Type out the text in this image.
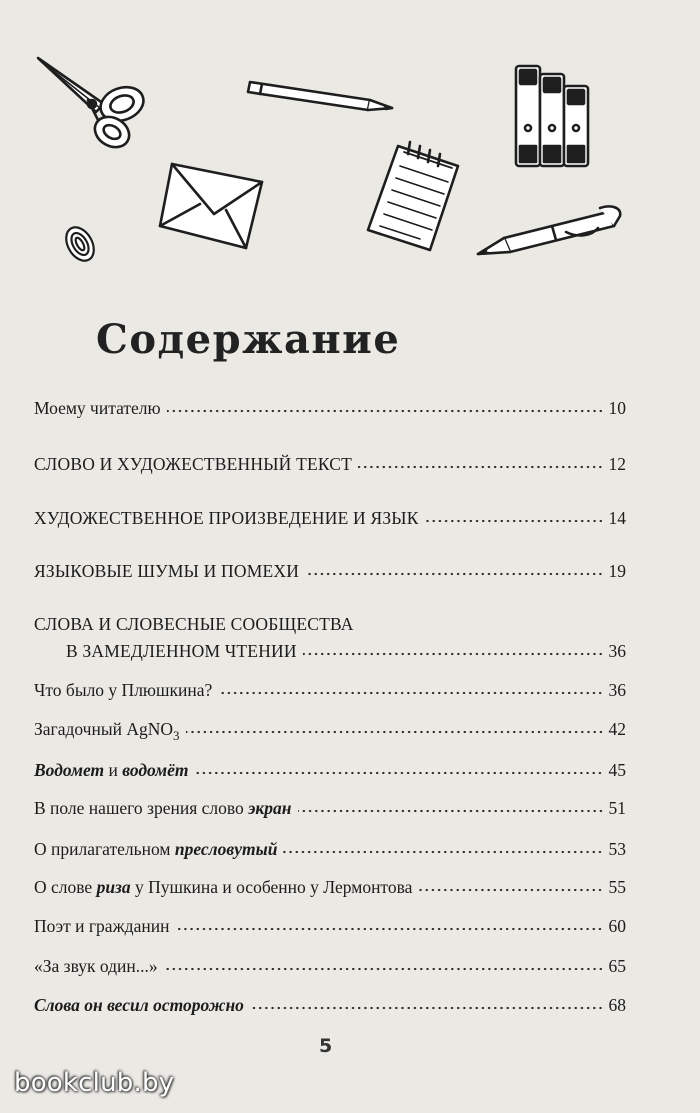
Содержание
Моему читателю	10
СЛОВО И ХУДОЖЕСТВЕННЫЙ ТЕКСТ	12
ХУДОЖЕСТВЕННОЕ ПРОИЗВЕДЕНИЕ И ЯЗЫК	14
ЯЗЫКОВЫЕ ШУМЫ И ПОМЕХИ	19
СЛОВА И СЛОВЕСНЫЕ СООБЩЕСТВА
В ЗАМЕДЛЕННОМ ЧТЕНИИ	36
Что было у Плюшкина?	36
Загадочный AgNO$_3$	42
Водомет и водомёт	45
В поле нашего зрения слово экран	51
О прилагательном пресловутый	53
О слове риза у Пушкина и особенно у Лермонтова	55
Поэт и гражданин	60
«За звук один...»	65
Слова он весил осторожно	68
5
bookclub.by
